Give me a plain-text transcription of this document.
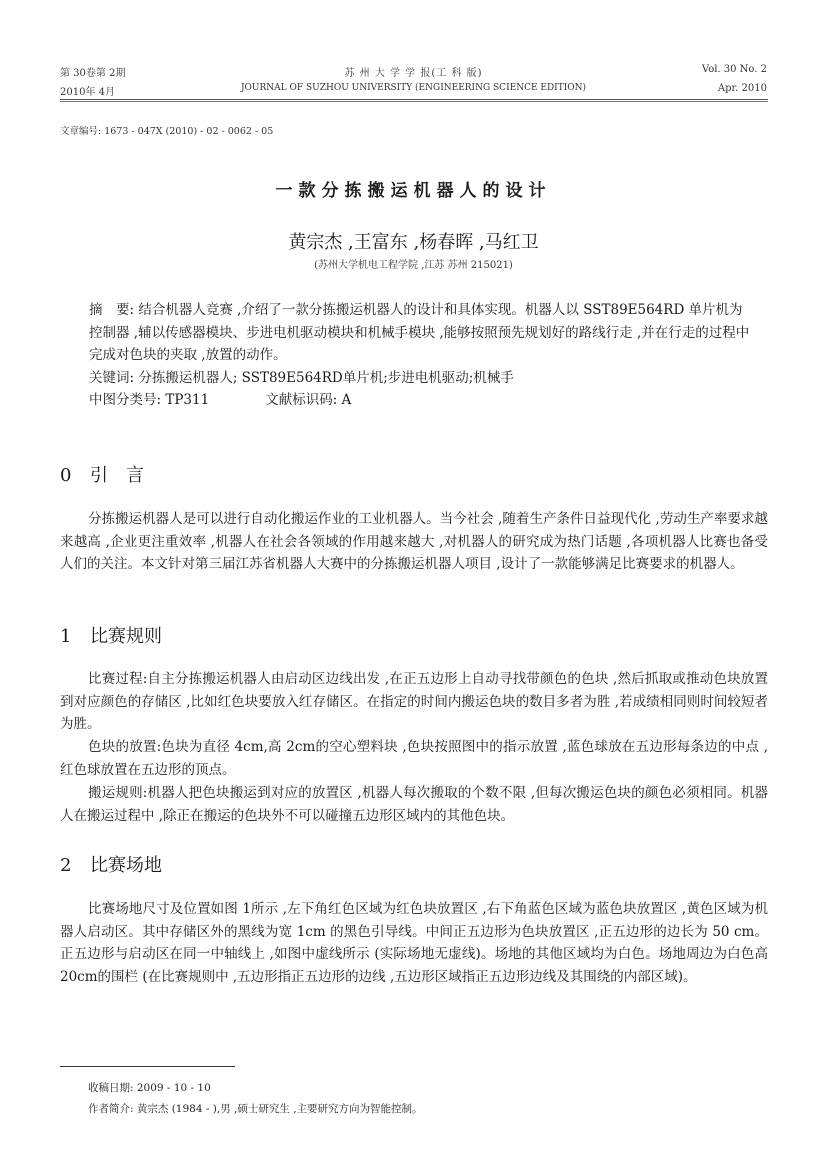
第 30卷第 2期
2010年 4月
苏 州 大 学 学 报(工 科 版)
JOURNAL OF SUZHOU UNIVERSITY (ENGINEERING SCIENCE EDITION)
Vol. 30 No. 2
Apr. 2010
文章编号: 1673 - 047X (2010) - 02 - 0062 - 05
一款分拣搬运机器人的设计
黄宗杰 ,王富东 ,杨春晖 ,马红卫
(苏州大学机电工程学院 ,江苏 苏州 215021)

摘　要: 结合机器人竞赛 ,介绍了一款分拣搬运机器人的设计和具体实现。机器人以 SST89E564RD 单片机为控制器 ,辅以传感器模块、步进电机驱动模块和机械手模块 ,能够按照预先规划好的路线行走 ,并在行走的过程中完成对色块的夹取 ,放置的动作。

关键词: 分拣搬运机器人; SST89E564RD单片机;步进电机驱动;机械手

中图分类号: TP311	文献标识码: A

0 引　言

分拣搬运机器人是可以进行自动化搬运作业的工业机器人。当今社会 ,随着生产条件日益现代化 ,劳动生产率要求越来越高 ,企业更注重效率 ,机器人在社会各领域的作用越来越大 ,对机器人的研究成为热门话题 ,各项机器人比赛也备受人们的关注。本文针对第三届江苏省机器人大赛中的分拣搬运机器人项目 ,设计了一款能够满足比赛要求的机器人。

1 比赛规则

比赛过程:自主分拣搬运机器人由启动区边线出发 ,在正五边形上自动寻找带颜色的色块 ,然后抓取或推动色块放置到对应颜色的存储区 ,比如红色块要放入红存储区。在指定的时间内搬运色块的数目多者为胜 ,若成绩相同则时间较短者为胜。

色块的放置:色块为直径 4cm,高 2cm的空心塑料块 ,色块按照图中的指示放置 ,蓝色球放在五边形每条边的中点 ,红色球放置在五边形的顶点。

搬运规则:机器人把色块搬运到对应的放置区 ,机器人每次搬取的个数不限 ,但每次搬运色块的颜色必须相同。机器人在搬运过程中 ,除正在搬运的色块外不可以碰撞五边形区域内的其他色块。

2 比赛场地

比赛场地尺寸及位置如图 1所示 ,左下角红色区域为红色块放置区 ,右下角蓝色区域为蓝色块放置区 ,黄色区域为机器人启动区。其中存储区外的黑线为宽 1cm 的黑色引导线。中间正五边形为色块放置区 ,正五边形的边长为 50 cm。正五边形与启动区在同一中轴线上 ,如图中虚线所示 (实际场地无虚线)。场地的其他区域均为白色。场地周边为白色高 20cm的围栏 (在比赛规则中 ,五边形指正五边形的边线 ,五边形区域指正五边形边线及其围绕的内部区域)。

收稿日期: 2009 - 10 - 10
作者简介: 黄宗杰 (1984 - ),男 ,硕士研究生 ,主要研究方向为智能控制。
